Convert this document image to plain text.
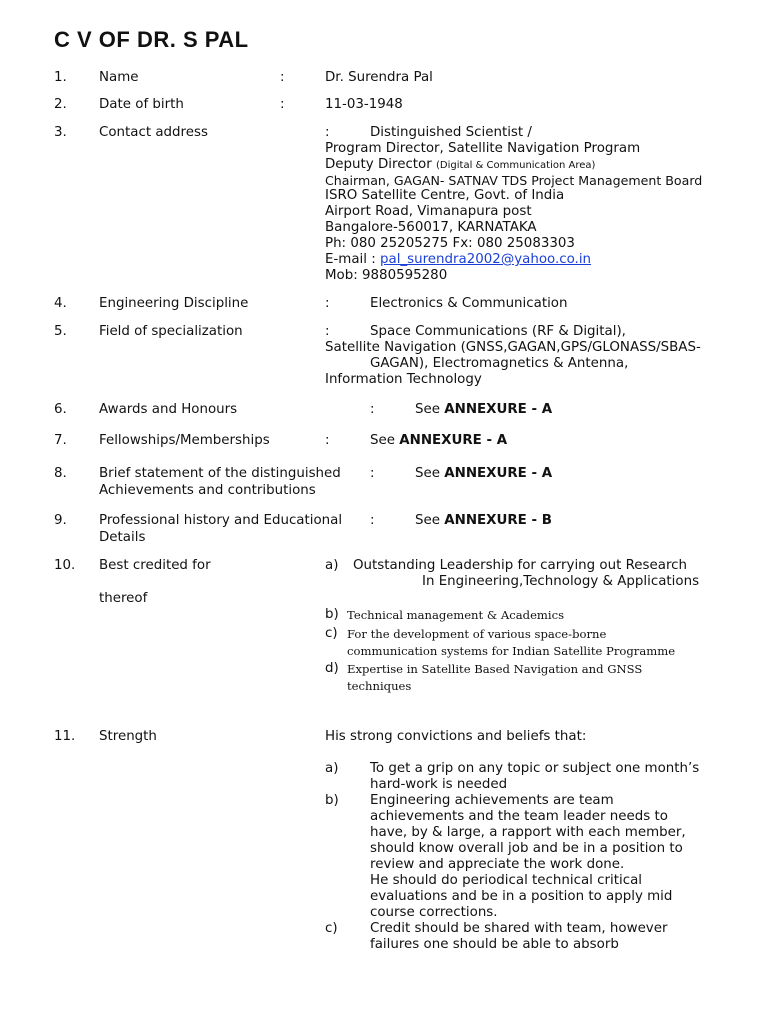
C V OF DR. S PAL
1. Name	:	Dr. Surendra Pal
2. Date of birth	:	11-03-1948
3. Contact address	:	Distinguished Scientist /
Program Director, Satellite Navigation Program
Deputy Director (Digital & Communication Area)
Chairman, GAGAN- SATNAV TDS Project Management Board
ISRO Satellite Centre, Govt. of India
Airport Road, Vimanapura post
Bangalore-560017, KARNATAKA
Ph: 080 25205275 Fx: 080 25083303
E-mail : pal_surendra2002@yahoo.co.in
Mob: 9880595280
4. Engineering Discipline	:	Electronics & Communication
5. Field of specialization	:	Space Communications (RF & Digital),
Satellite Navigation (GNSS,GAGAN,GPS/GLONASS/SBAS-
GAGAN), Electromagnetics & Antenna,
Information Technology
6. Awards and Honours	:	See ANNEXURE - A
7. Fellowships/Memberships	:	See ANNEXURE - A
8. Brief statement of the distinguished
Achievements and contributions
:	See ANNEXURE - A
9. Professional history and Educational
Details
:	See ANNEXURE - B
10. Best credited for
thereof
a) Outstanding Leadership for carrying out Research
In Engineering,Technology & Applications
b) Technical management & Academics
c) For the development of various space-borne
communication systems for Indian Satellite Programme
d) Expertise in Satellite Based Navigation and GNSS
techniques
11. Strength	His strong convictions and beliefs that:
a) To get a grip on any topic or subject one month’s
hard-work is needed
b) Engineering achievements are team
achievements and the team leader needs to
have, by & large, a rapport with each member,
should know overall job and be in a position to
review and appreciate the work done.
He should do periodical technical critical
evaluations and be in a position to apply mid
course corrections.
c) Credit should be shared with team, however
failures one should be able to absorb
